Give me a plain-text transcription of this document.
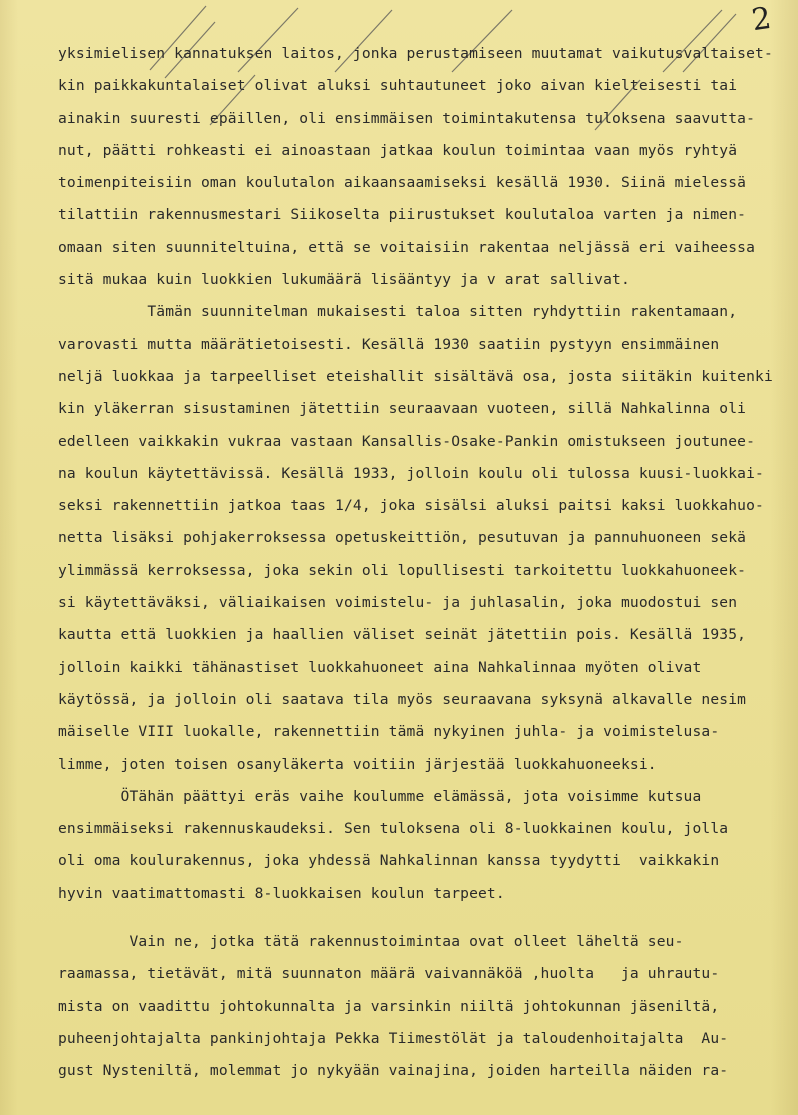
2
yksimielisen kannatuksen laitos, jonka perustamiseen muutamat vaikutusvaltaiset-
kin paikkakuntalaiset olivat aluksi suhtautuneet joko aivan kielteisesti tai
ainakin suuresti epäillen, oli ensimmäisen toimintakutensa tuloksena saavutta-
nut, päätti rohkeasti ei ainoastaan jatkaa koulun toimintaa vaan myös ryhtyä
toimenpiteisiin oman koulutalon aikaansaamiseksi kesällä 1930. Siinä mielessä
tilattiin rakennusmestari Siikoselta piirustukset koulutaloa varten ja nimen-
omaan siten suunniteltuina, että se voitaisiin rakentaa neljässä eri vaiheessa
sitä mukaa kuin luokkien lukumäärä lisääntyy ja v arat sallivat.
Tämän suunnitelman mukaisesti taloa sitten ryhdyttiin rakentamaan,
varovasti mutta määrätietoisesti. Kesällä 1930 saatiin pystyyn ensimmäinen
neljä luokkaa ja tarpeelliset eteishallit sisältävä osa, josta siitäkin kuitenki
kin yläkerran sisustaminen jätettiin seuraavaan vuoteen, sillä Nahkalinna oli
edelleen vaikkakin vukraa vastaan Kansallis-Osake-Pankin omistukseen joutunee-
na koulun käytettävissä. Kesällä 1933, jolloin koulu oli tulossa kuusi-luokkai-
seksi rakennettiin jatkoa taas 1/4, joka sisälsi aluksi paitsi kaksi luokkahuo-
netta lisäksi pohjakerroksessa opetuskeittiön, pesutuvan ja pannuhuoneen sekä
ylimmässä kerroksessa, joka sekin oli lopullisesti tarkoitettu luokkahuoneek-
si käytettäväksi, väliaikaisen voimistelu- ja juhlasalin, joka muodostui sen
kautta että luokkien ja haallien väliset seinät jätettiin pois. Kesällä 1935,
jolloin kaikki tähänastiset luokkahuoneet aina Nahkalinnaa myöten olivat
käytössä, ja jolloin oli saatava tila myös seuraavana syksynä alkavalle nesim
mäiselle VIII luokalle, rakennettiin tämä nykyinen juhla- ja voimistelusa-
limme, joten toisen osanyläkerta voitiin järjestää luokkahuoneeksi.
ÖTähän päättyi eräs vaihe koulumme elämässä, jota voisimme kutsua
ensimmäiseksi rakennuskaudeksi. Sen tuloksena oli 8-luokkainen koulu, jolla
oli oma koulurakennus, joka yhdessä Nahkalinnan kanssa tyydytti  vaikkakin
hyvin vaatimattomasti 8-luokkaisen koulun tarpeet.
Vain ne, jotka tätä rakennustoimintaa ovat olleet läheltä seu-
raamassa, tietävät, mitä suunnaton määrä vaivannäköä ,huolta   ja uhrautu-
mista on vaadittu johtokunnalta ja varsinkin niiltä johtokunnan jäseniltä,
puheenjohtajalta pankinjohtaja Pekka Tiimestölät ja taloudenhoitajalta  Au-
gust Nysteniltä, molemmat jo nykyään vainajina, joiden harteilla näiden ra-
